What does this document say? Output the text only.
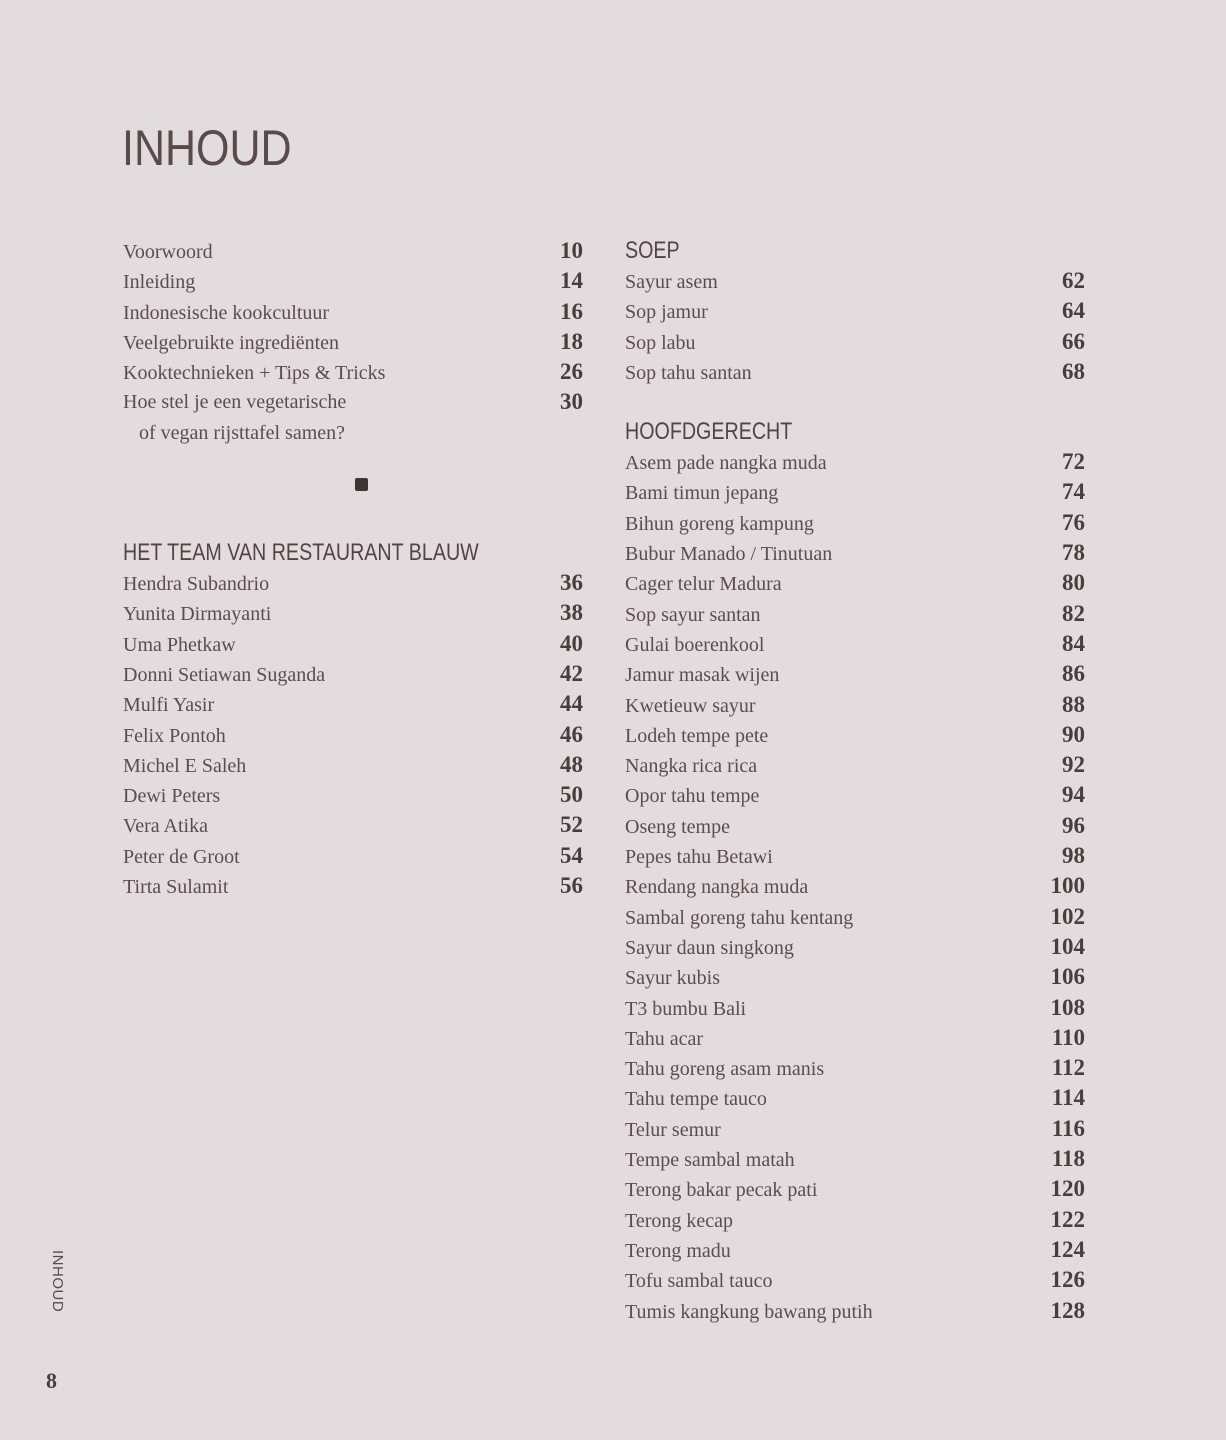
INHOUD
Voorwoord	10
Inleiding	14
Indonesische kookcultuur	16
Veelgebruikte ingrediënten	18
Kooktechnieken + Tips & Tricks	26
Hoe stel je een vegetarische
of vegan rijsttafel samen?
30
HET TEAM VAN RESTAURANT BLAUW
Hendra Subandrio	36
Yunita Dirmayanti	38
Uma Phetkaw	40
Donni Setiawan Suganda	42
Mulfi Yasir	44
Felix Pontoh	46
Michel E Saleh	48
Dewi Peters	50
Vera Atika	52
Peter de Groot	54
Tirta Sulamit	56
SOEP
Sayur asem	62
Sop jamur	64
Sop labu	66
Sop tahu santan	68
HOOFDGERECHT
Asem pade nangka muda	72
Bami timun jepang	74
Bihun goreng kampung	76
Bubur Manado / Tinutuan	78
Cager telur Madura	80
Sop sayur santan	82
Gulai boerenkool	84
Jamur masak wijen	86
Kwetieuw sayur	88
Lodeh tempe pete	90
Nangka rica rica	92
Opor tahu tempe	94
Oseng tempe	96
Pepes tahu Betawi	98
Rendang nangka muda	100
Sambal goreng tahu kentang	102
Sayur daun singkong	104
Sayur kubis	106
T3 bumbu Bali	108
Tahu acar	110
Tahu goreng asam manis	112
Tahu tempe tauco	114
Telur semur	116
Tempe sambal matah	118
Terong bakar pecak pati	120
Terong kecap	122
Terong madu	124
Tofu sambal tauco	126
Tumis kangkung bawang putih	128
INHOUD
8
